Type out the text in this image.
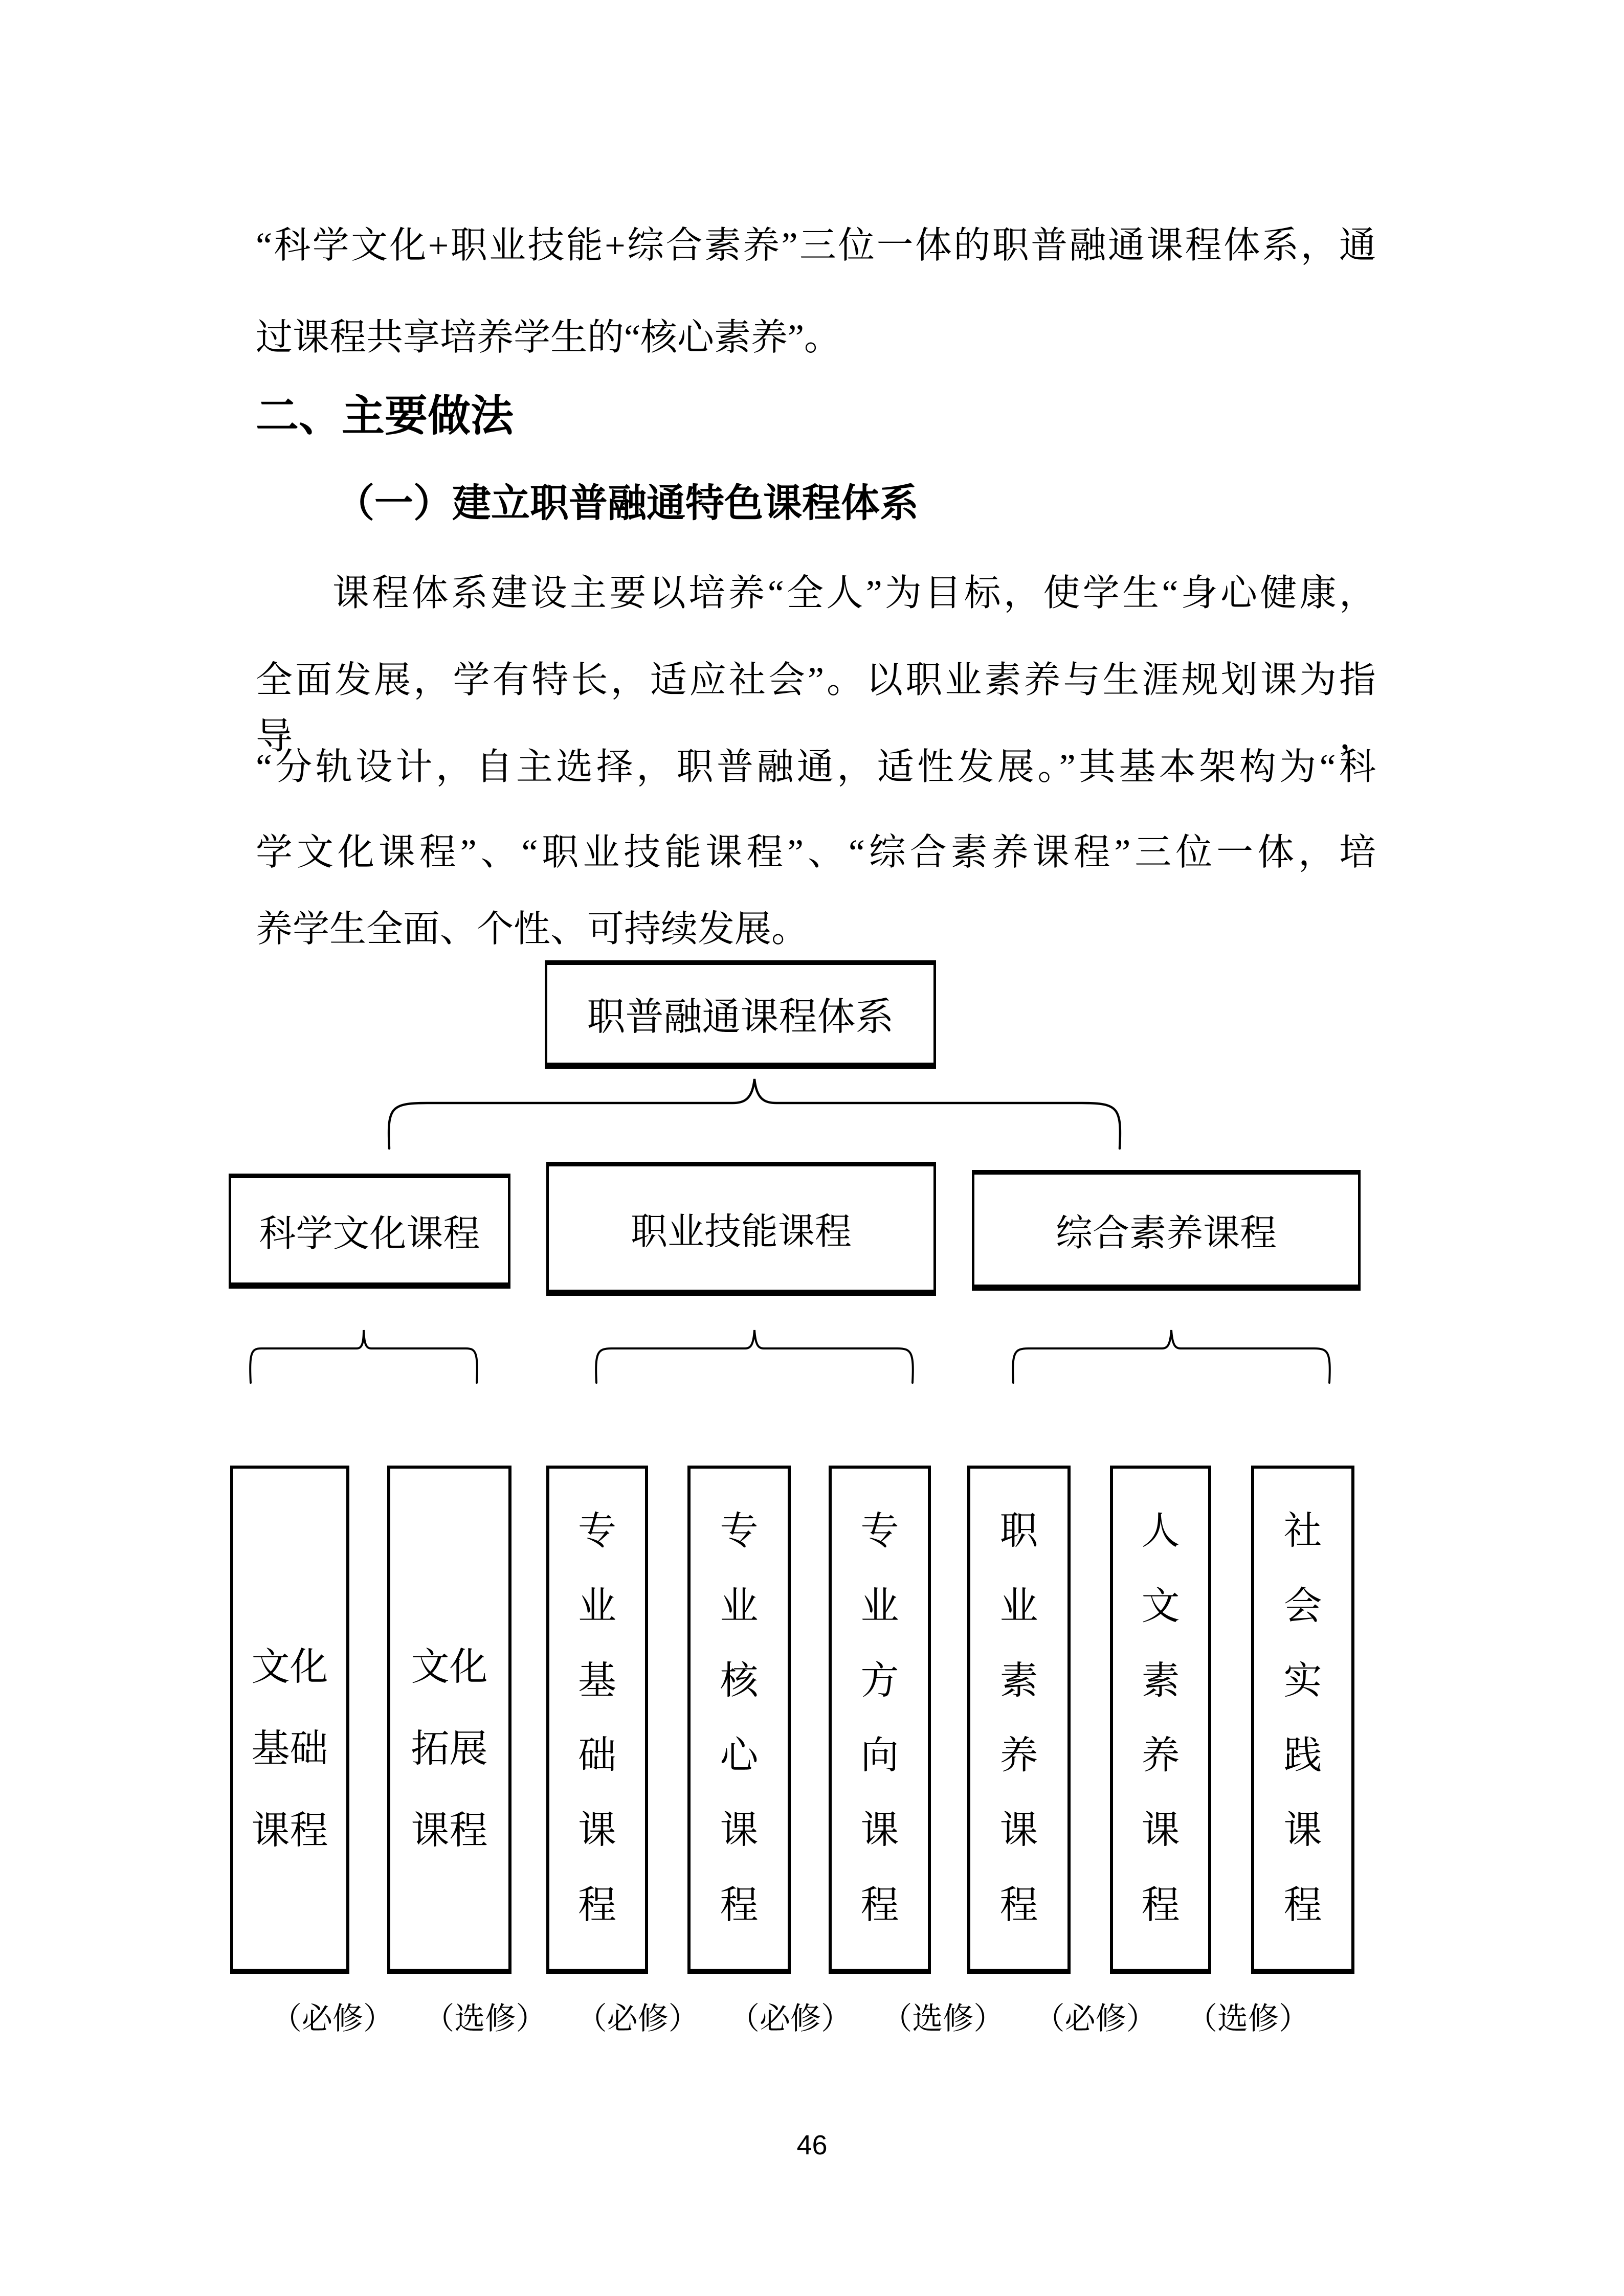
“科学文化+职业技能+综合素养”三位一体的职普融通课程体系，通
过课程共享培养学生的“核心素养”。
二、主要做法
（一）建立职普融通特色课程体系
课程体系建设主要以培养“全人”为目标，使学生“身心健康，
全面发展，学有特长，适应社会”。以职业素养与生涯规划课为指导，
“分轨设计，自主选择，职普融通，适性发展。”其基本架构为“科
学文化课程”、“职业技能课程”、“综合素养课程”三位一体，培
养学生全面、个性、可持续发展。
职普融通课程体系
科学文化课程	职业技能课程	综合素养课程
文化
基础
课程
文化
拓展
课程
专
业
基
础
课
程
专
业
核
心
课
程
专
业
方
向
课
程
职
业
素
养
课
程
人
文
素
养
课
程
社
会
实
践
课
程
（必修） （选修） （必修） （必修） （选修） （必修） （选修）
46
